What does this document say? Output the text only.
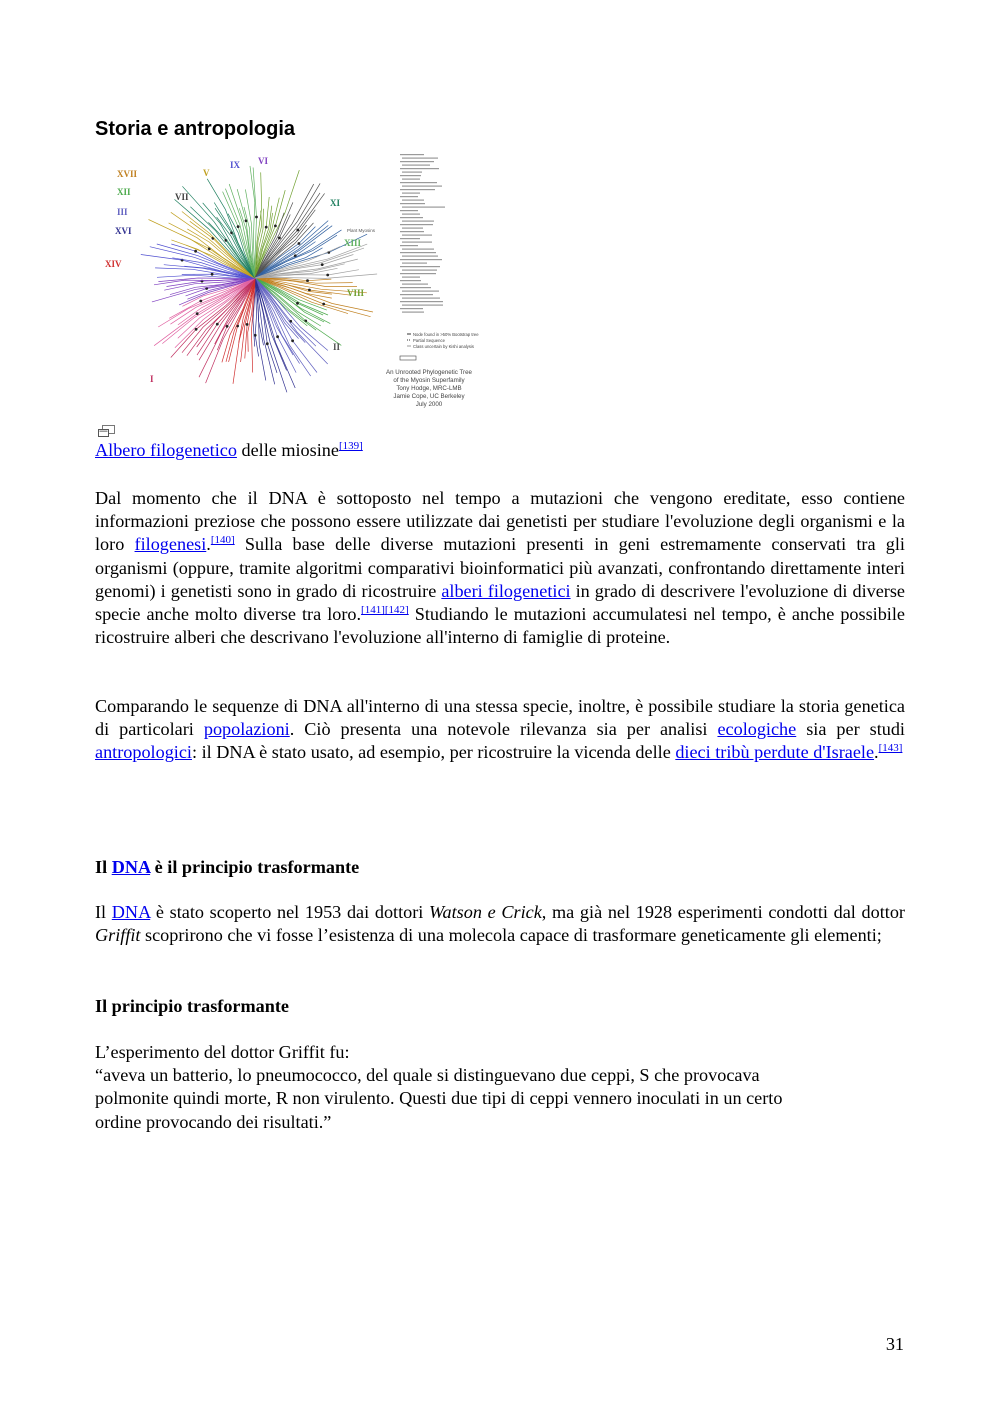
Storia e antropologia
XVII
XII
III
XVI
XIV
VII
IX VI
V
XI
XIII
VIII
II
I
Plant Myosins
Node found in >50% Bootstrap tree
Partial Sequence
Class uncertain by Kishi analysis
An Unrooted Phylogenetic Tree
of the Myosin Superfamily
Tony Hodge, MRC-LMB
Jamie Cope, UC Berkeley
July 2000
Albero filogenetico delle miosine[139]

Dal momento che il DNA è sottoposto nel tempo a mutazioni che vengono ereditate, esso contiene informazioni preziose che possono essere utilizzate dai genetisti per studiare l'evoluzione degli organismi e la loro filogenesi.[140] Sulla base delle diverse mutazioni presenti in geni estremamente conservati tra gli organismi (oppure, tramite algoritmi comparativi bioinformatici più avanzati, confrontando direttamente interi genomi) i genetisti sono in grado di ricostruire alberi filogenetici in grado di descrivere l'evoluzione di diverse specie anche molto diverse tra loro.[141][142] Studiando le mutazioni accumulatesi nel tempo, è anche possibile ricostruire alberi che descrivano l'evoluzione all'interno di famiglie di proteine.

Comparando le sequenze di DNA all'interno di una stessa specie, inoltre, è possibile studiare la storia genetica di particolari popolazioni. Ciò presenta una notevole rilevanza sia per analisi ecologiche sia per studi antropologici: il DNA è stato usato, ad esempio, per ricostruire la vicenda delle dieci tribù perdute d'Israele.[143]

Il DNA è il principio trasformante

Il DNA è stato scoperto nel 1953 dai dottori Watson e Crick, ma già nel 1928 esperimenti condotti dal dottor Griffit scoprirono che vi fosse l’esistenza di una molecola capace di trasformare geneticamente gli elementi;

Il principio trasformante
L’esperimento del dottor Griffit fu:
“aveva un batterio, lo pneumococco, del quale si distinguevano due ceppi, S che provocava
polmonite quindi morte, R non virulento. Questi due tipi di ceppi vennero inoculati in un certo
ordine provocando dei risultati.”

31
